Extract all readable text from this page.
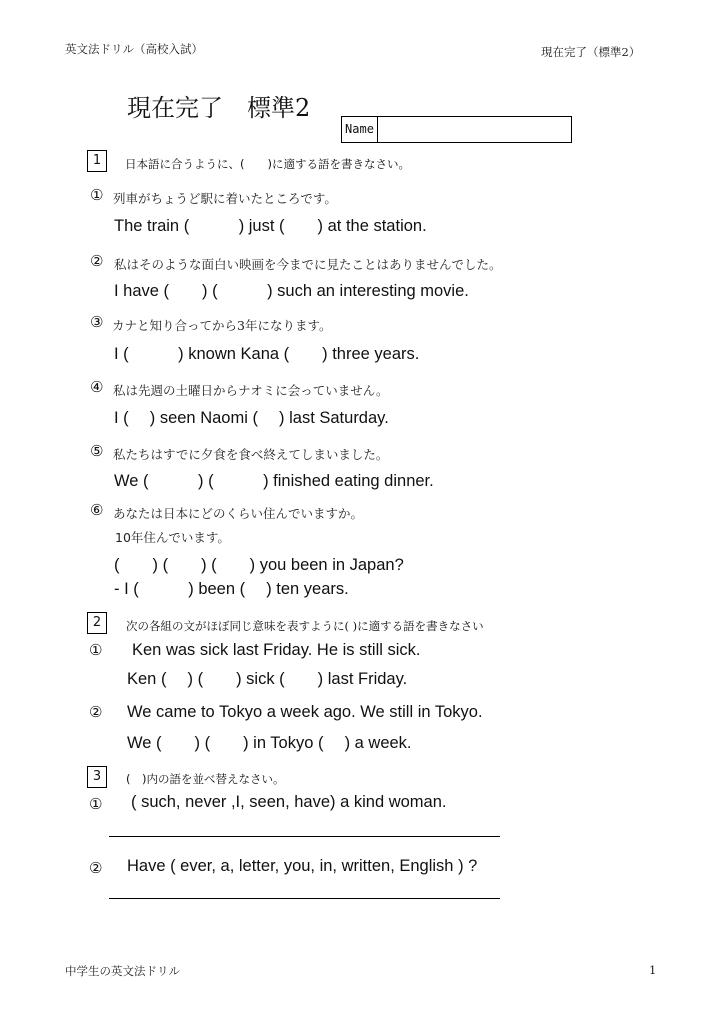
英文法ドリル（高校入試）	現在完了（標準2）
現在完了　標準2
Name
1	日本語に合うように、(　　)に適する語を書きなさい。
① 列車がちょうど駅に着いたところです。
The train (　　　) just (　　) at the station.
② 私はそのような面白い映画を今までに見たことはありませんでした。
I have (　　) (　　　) such an interesting movie.
③ カナと知り合ってから3年になります。
I (　　　) known Kana (　　) three years.
④ 私は先週の土曜日からナオミに会っていません。
I (　 ) seen Naomi (　 ) last Saturday.
⑤ 私たちはすでに夕食を食べ終えてしまいました。
We (　　　) (　　　) finished eating dinner.
⑥ あなたは日本にどのくらい住んでいますか。
10年住んでいます。
(　　) (　　) (　　) you been in Japan?
- I (　　　) been (　 ) ten years.
2	次の各組の文がほぼ同じ意味を表すように( )に適する語を書きなさい
① Ken was sick last Friday. He is still sick.
Ken (　 ) (　　) sick (　　) last Friday.
② We came to Tokyo a week ago. We still in Tokyo.
We (　　) (　　) in Tokyo (　 ) a week.
3	(　)内の語を並べ替えなさい。
① ( such, never ,I, seen, have) a kind woman.
② Have ( ever, a, letter, you, in, written, English ) ?
中学生の英文法ドリル	1
